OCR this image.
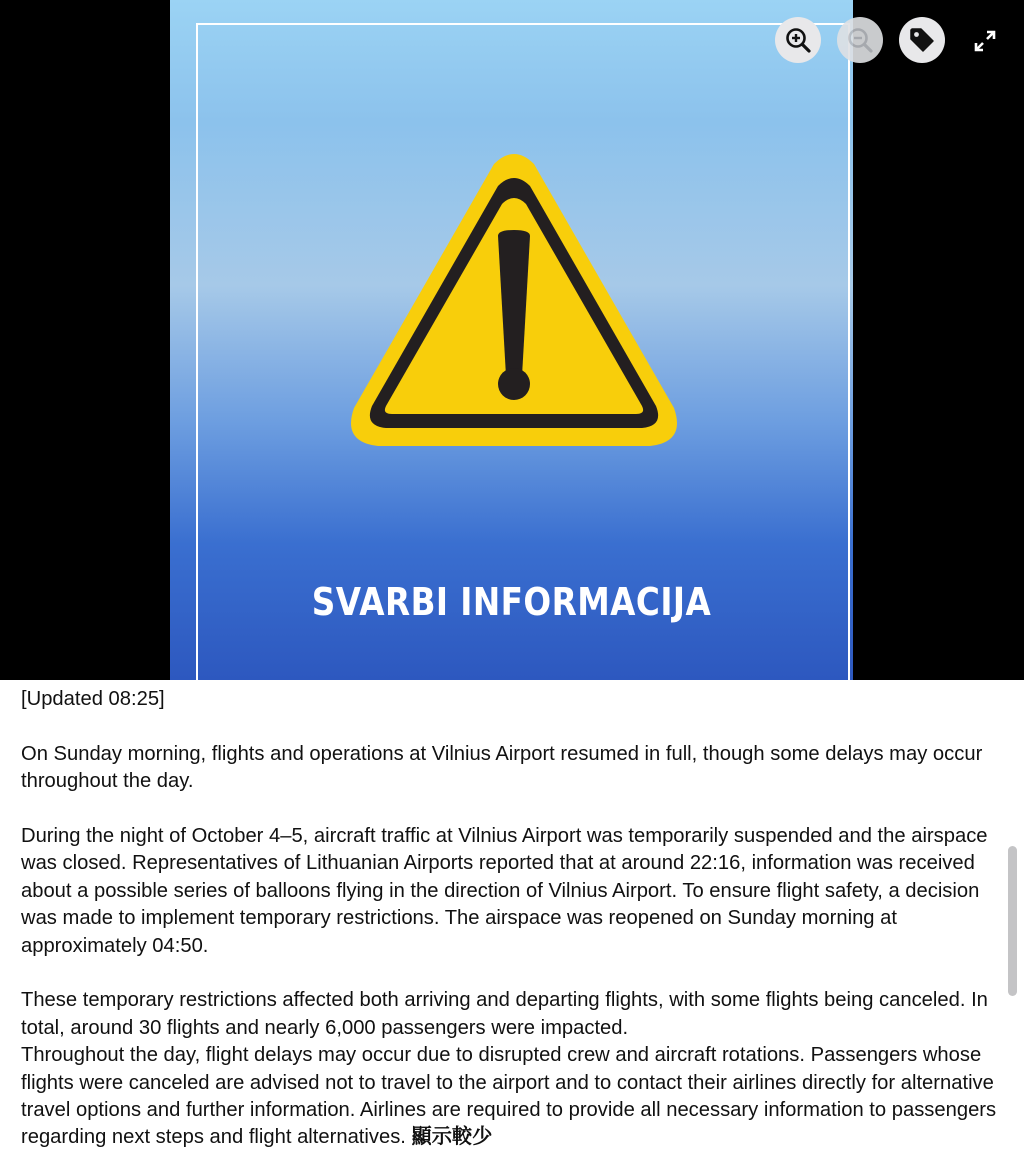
SVARBI INFORMACIJA

[Updated 08:25]

On Sunday morning, flights and operations at Vilnius Airport resumed in full, though some delays may occur throughout the day.

During the night of October 4–5, aircraft traffic at Vilnius Airport was temporarily suspended and the airspace was closed. Representatives of Lithuanian Airports reported that at around 22:16, information was received about a possible series of balloons flying in the direction of Vilnius Airport. To ensure flight safety, a decision was made to implement temporary restrictions. The airspace was reopened on Sunday morning at approximately 04:50.

These temporary restrictions affected both arriving and departing flights, with some flights being canceled. In total, around 30 flights and nearly 6,000 passengers were impacted.

Throughout the day, flight delays may occur due to disrupted crew and aircraft rotations. Passengers whose flights were canceled are advised not to travel to the airport and to contact their airlines directly for alternative travel options and further information. Airlines are required to provide all necessary information to passengers regarding next steps and flight alternatives. 顯示較少
